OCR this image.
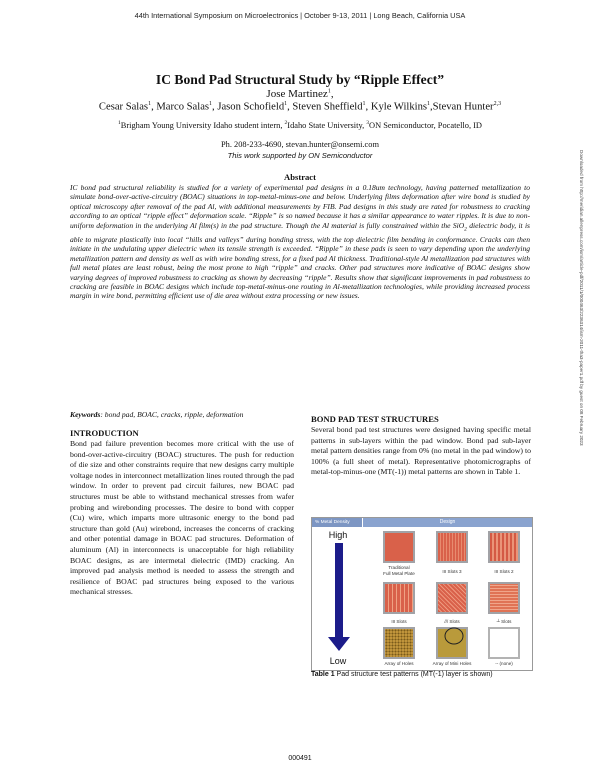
44th International Symposium on Microelectronics | October 9-13, 2011 | Long Beach, California USA
IC Bond Pad Structural Study by “Ripple Effect”
Jose Martinez$^1$,
Cesar Salas$^1$, Marco Salas$^1$, Jason Schofield$^1$, Steven Sheffield$^1$, Kyle Wilkins$^1$,Stevan Hunter$^{2,3}$
$^1$Brigham Young University Idaho student intern, $^2$Idaho State University, $^3$ON Semiconductor, Pocatello, ID
Ph. 208-233-4690, stevan.hunter@onsemi.com
This work supported by ON Semiconductor
Abstract
IC bond pad structural reliability is studied for a variety of experimental pad designs in a 0.18um technology, having patterned metallization to simulate bond-over-active-circuitry (BOAC) situations in top-metal-minus-one and below. Underlying films deformation after wire bond is studied by optical microscopy after removal of the pad Al, with additional measurements by FIB. Pad designs in this study are rated for robustness to cracking according to an optical “ripple effect” deformation scale. “Ripple” is so named because it has a similar appearance to water ripples. It is due to non-uniform deformation in the underlying Al film(s) in the pad structure. Though the Al material is fully constrained within the SiO$_2$ dielectric body, it is able to migrate plastically into local “hills and valleys” during bonding stress, with the top dielectric film bending in conformance. Cracks can then initiate in the undulating upper dielectric when its tensile strength is exceeded. “Ripple” in these pads is seen to vary depending upon the underlying metallization pattern and density as well as with wire bonding stress, for a fixed pad Al thickness. Traditional-style Al metallization pad structures with full metal plates are least robust, being the most prone to high “ripple” and cracks. Other pad structures more indicative of BOAC designs show varying degrees of improved robustness to cracking as shown by decreasing “ripple”. Results show that significant improvements in pad robustness to cracking are feasible in BOAC designs which include top-metal-minus-one routing in Al-metallization technologies, while providing increased process margin in wire bond, permitting efficient use of die area without extra processing or new issues.
Keywords: bond pad, BOAC, cracks, ripple, deformation
INTRODUCTION

Bond pad failure prevention becomes more critical with the use of bond-over-active-circuitry (BOAC) structures. The push for reduction of die size and other constraints require that new designs carry multiple voltage nodes in interconnect metallization lines routed through the pad window. In order to prevent pad circuit failures, new BOAC pad structures must be able to withstand mechanical stresses from wafer probing and wirebonding processes. The desire to bond with copper (Cu) wire, which imparts more ultrasonic energy to the bond pad structure than gold (Au) wirebond, increases the concerns of cracking and other potential damage in BOAC pad structures. Deformation of aluminum (Al) in interconnects is unacceptable for high reliability BOAC designs, as are intermetal dielectric (IMD) cracking. An improved pad analysis method is needed to assess the strength and resilience of BOAC pad structures being exposed to the various mechanical stresses.

BOND PAD TEST STRUCTURES

Several bond pad test structures were designed having specific metal patterns in sub-layers within the pad window. Bond pad sub-layer metal pattern densities range from 0% (no metal in the pad window) to 100% (a full sheet of metal). Representative photomicrographs of metal-top-minus-one (MT(-1)) metal patterns are shown in Table 1.

% Metal Density	Design
High
Low
Traditional
Full Metal Plate	III Slots 3	III Slots 2
III Slots	/// Slots	┴ Slots
Array of Holes	Array of Mini Holes	-- (none)
Table 1 Pad structure test patterns (MT(-1) layer is shown)
Downloaded from http://meridian.allenpress.com/ism/article-pdf/2011/1/000463/2236314/ism-2011-tha3-paper1.pdf by guest on 08 February 2023
000491
